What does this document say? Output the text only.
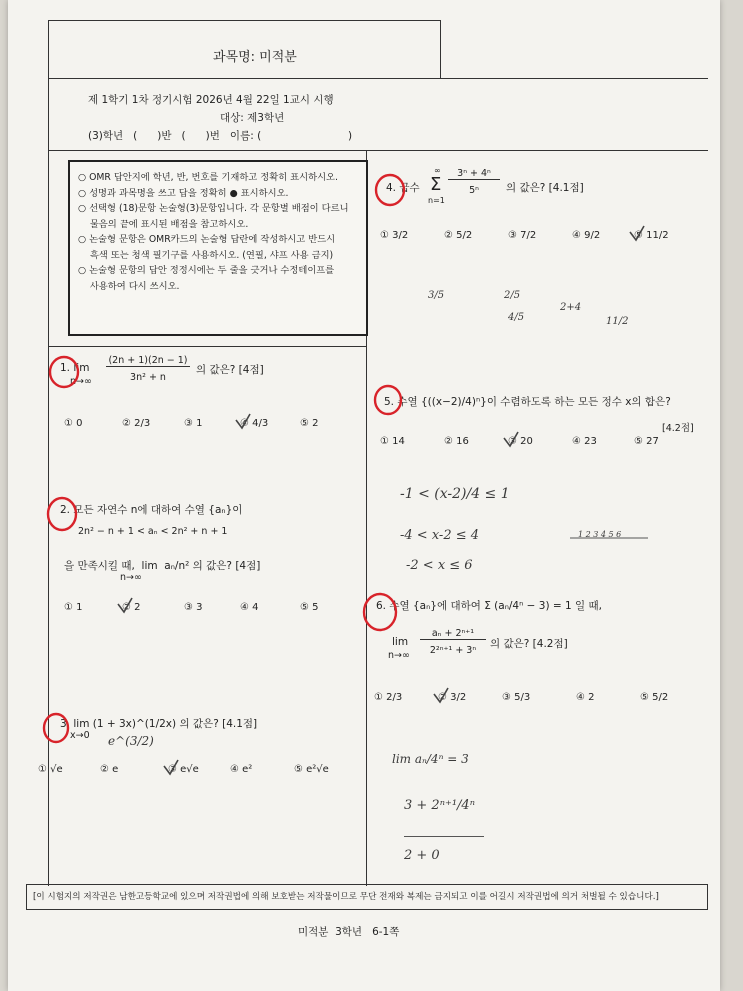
과목명: 미적분
제 1학기 1차 정기시험 2026년 4월 22일 1교시 시행
대상: 제3학년
(3)학년   (      )반   (      )번   이름: (                          )
○ OMR 답안지에 학년, 반, 번호를 기재하고 정확히 표시하시오.
○ 성명과 과목명을 쓰고 답을 정확히 ● 표시하시오.
○ 선택형 (18)문항 논술형(3)문항입니다. 각 문항별 배점이 다르니
물음의 끝에 표시된 배점을 참고하시오.
○ 논술형 문항은 OMR카드의 논술형 답란에 작성하시고 반드시
흑색 또는 청색 필기구를 사용하시오. (연필, 샤프 사용 금지)
○ 논술형 문항의 답안 정정시에는 두 줄을 긋거나 수정테이프를
사용하여 다시 쓰시오.
1. lim
n→∞
(2n + 1)(2n − 1)
3n² + n
의 값은? [4점]
① 0	② 2/3	③ 1	④ 4/3	⑤ 2
2. 모든 자연수 n에 대하여 수열 {aₙ}이
2n² − n + 1 < aₙ < 2n² + n + 1
을 만족시킬 때,  lim  aₙ/n² 의 값은? [4점]
n→∞
① 1	② 2	③ 3	④ 4	⑤ 5
3. lim (1 + 3x)^(1/2x) 의 값은? [4.1점]
x→0 e^(3/2)
① √e	② e	③ e√e	④ e²	⑤ e²√e
4. 급수 Σ
∞
n=1
3ⁿ + 4ⁿ
5ⁿ	의 값은? [4.1점]
① 3/2	② 5/2	③ 7/2	④ 9/2	⑤ 11/2
3/5	2/5
4/5
2+4
11/2
5. 수열 {((x−2)/4)ⁿ}이 수렴하도록 하는 모든 정수 x의 합은?
[4.2점]
① 14	② 16	③ 20	④ 23	⑤ 27
-1 < (x-2)/4 ≤ 1
-4 < x-2 ≤ 4
-2 < x ≤ 6
1 2 3 4 5 6
6. 수열 {aₙ}에 대하여 Σ (aₙ/4ⁿ − 3) = 1 일 때,
lim
n→∞
aₙ + 2ⁿ⁺¹
2²ⁿ⁺¹ + 3ⁿ
의 값은? [4.2점]
① 2/3	② 3/2	③ 5/3	④ 2	⑤ 5/2
lim aₙ/4ⁿ = 3
3 + 2ⁿ⁺¹/4ⁿ
2 + 0
[이 시험지의 저작권은 남한고등학교에 있으며 저작권법에 의해 보호받는 저작물이므로 무단 전재와 복제는 금지되고 이를 어길시 저작권법에 의거 처벌될 수 있습니다.]
미적분  3학년   6-1쪽
